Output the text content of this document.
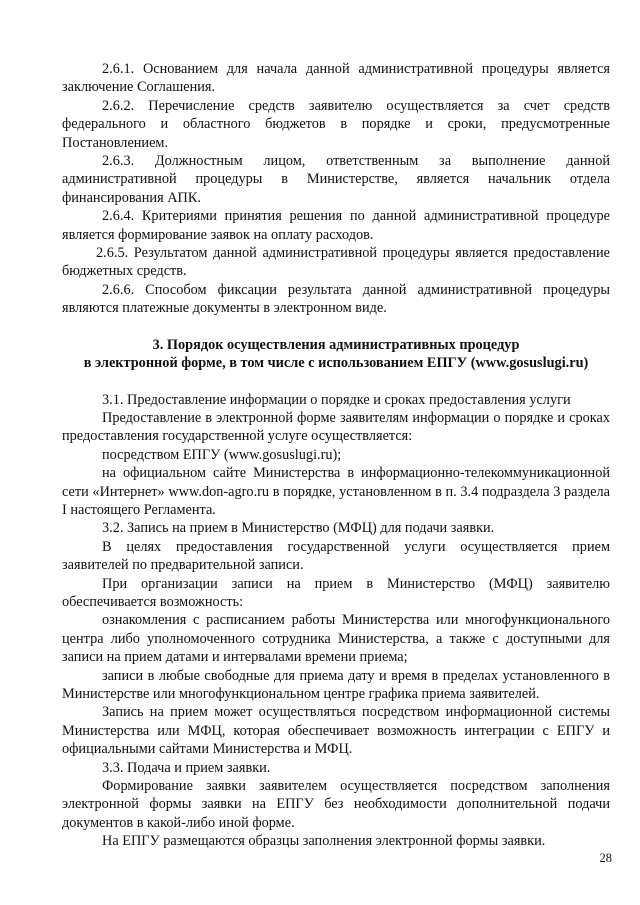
2.6.1. Основанием для начала данной административной процедуры является заключение Соглашения.

2.6.2. Перечисление средств заявителю осуществляется за счет средств федерального и областного бюджетов в порядке и сроки, предусмотренные Постановлением.

2.6.3. Должностным лицом, ответственным за выполнение данной административной процедуры в Министерстве, является начальник отдела финансирования АПК.

2.6.4. Критериями принятия решения по данной административной процедуре является формирование заявок на оплату расходов.

2.6.5. Результатом данной административной процедуры является предоставление бюджетных средств.

2.6.6. Способом фиксации результата данной административной процедуры являются платежные документы в электронном виде.

3. Порядок осуществления административных процедур

в электронной форме, в том числе с использованием ЕПГУ (www.gosuslugi.ru)

3.1. Предоставление информации о порядке и сроках предоставления услуги

Предоставление в электронной форме заявителям информации о порядке и сроках предоставления государственной услуге осуществляется:

посредством ЕПГУ (www.gosuslugi.ru);

на официальном сайте Министерства в информационно-телекоммуникационной сети «Интернет» www.don-agro.ru в порядке, установленном в п. 3.4 подраздела 3 раздела I настоящего Регламента.

3.2. Запись на прием в Министерство (МФЦ) для подачи заявки.

В целях предоставления государственной услуги осуществляется прием заявителей по предварительной записи.

При организации записи на прием в Министерство (МФЦ) заявителю обеспечивается возможность:

ознакомления с расписанием работы Министерства или многофункционального центра либо уполномоченного сотрудника Министерства, а также с доступными для записи на прием датами и интервалами времени приема;

записи в любые свободные для приема дату и время в пределах установленного в Министерстве или многофункциональном центре графика приема заявителей.

Запись на прием может осуществляться посредством информационной системы Министерства или МФЦ, которая обеспечивает возможность интеграции с ЕПГУ и официальными сайтами Министерства и МФЦ.

3.3. Подача и прием заявки.

Формирование заявки заявителем осуществляется посредством заполнения электронной формы заявки на ЕПГУ без необходимости дополнительной подачи документов в какой-либо иной форме.

На ЕПГУ размещаются образцы заполнения электронной формы заявки.

28
